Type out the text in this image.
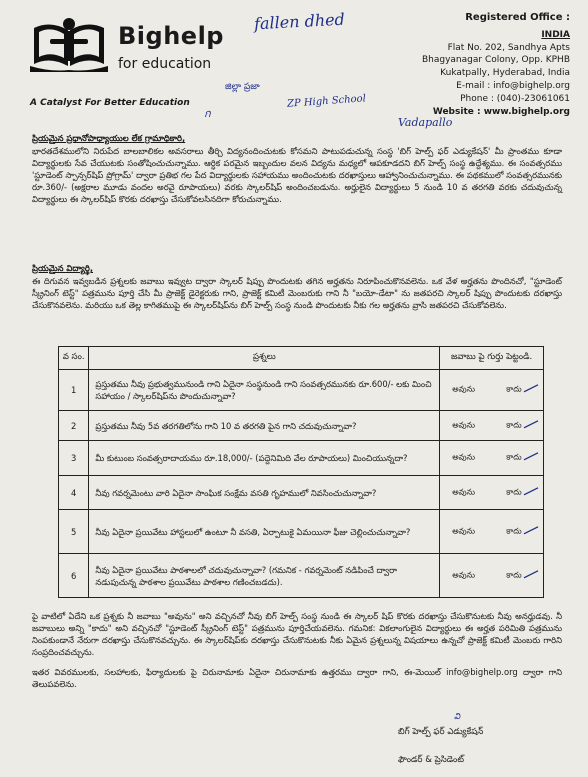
Bighelp
for education
A Catalyst For Better Education
fallen dhed
జిల్లా ప్రజా
ก
ZP High School
Vadapallo
Registered Office :
INDIA
Flat No. 202, Sandhya Apts
Bhagyanagar Colony, Opp. KPHB
Kukatpally, Hyderabad, India
E-mail : info@bighelp.org
Phone : (040)-23061061
Website : www.bighelp.org
ప్రియమైన ప్రధానోపాధ్యాయుల లేక గ్రామాధికారి,
భారతదేశములోని నిరుపేద బాలబాలికల అవసరాలు తీర్చి విద్యనందించుటకు కోసమని పాటుపడుచున్న సంస్థ 'బిగ్ హెల్ప్ ఫర్ ఎడ్యుకేషన్' మీ ప్రాంతము కూడా విద్యార్థులకు సేవ చేయుటకు సంతోషించుచున్నాము. ఆర్ధిక పరమైన ఇబ్బందుల వలన విద్యను మధ్యలో ఆపకూడదని బిగ్ హెల్ప్ సంస్థ ఉద్దేశ్యము. ఈ సంవత్సరము 'స్టూడెంట్ స్పాన్సర్‌షిప్ ప్రోగ్రామ్' ద్వారా ప్రతిభ గల పేద విద్యార్థులకు సహాయము అందించుటకు దరఖాస్తులు ఆహ్వానించుచున్నాము. ఈ పథకములో సంవత్సరమునకు రూ.360/- (అక్షరాల మూడు వందల అరవై రూపాయలు) వరకు స్కాలర్‌షిప్ అందించబడును. అర్హులైన విద్యార్థులు 5 నుండి 10 వ తరగతి వరకు చదువుచున్న విద్యార్థులు ఈ స్కాలర్‌షిప్ కొరకు దరఖాస్తు చేసుకోవలసినదిగా కోరుచున్నాము.
ప్రియమైన విద్యార్థి,
ఈ దిగువన ఇవ్వబడిన ప్రశ్నలకు జవాబు ఇవ్వుట ద్వారా స్కాలర్ షిప్పు పొందుటకు తగిన అర్హతను నిరూపించుకొనవలెను. ఒక వేళ అర్హతను పొందినచో, "స్టూడెంట్ స్క్రీనింగ్ టెస్ట్" పత్రమును పూర్తి చేసి మీ ప్రాజెక్ట్ డైరెక్టరుకు గాని, ప్రాజెక్ట్ కమిటీ మెంబరుకు గాని నీ "బయో-డేటా" ను జతపరచి స్కాలర్ షిప్పు పొందుటకు దరఖాస్తు చేసుకొనవలెను. మరియు ఒక తెల్ల కాగితముపై ఈ స్కాలర్‌షిప్‌ను బిగ్ హెల్ప్ సంస్థ నుండి పొందుటకు నీకు గల అర్హతను వ్రాసి జతపరచి చేసుకోవలెను.
వ సం.	ప్రశ్నలు	జవాబు పై గుర్తు పెట్టండి.
1	ప్రస్తుతము నీవు ప్రభుత్వమునుండి గాని ఏదైనా సంస్థనుండి గాని సంవత్సరమునకు రూ.600/- లకు మించి సహాయం / స్కాలర్‌షిప్‌ను పొందుచున్నావా?	అవును కాదు

2	ప్రస్తుతము నీవు 5వ తరగతిలోను గాని 10 వ తరగతి పైన గాని చదువుచున్నావా?	అవును కాదు

3	మీ కుటుంబ సంవత్సరాదాయము రూ.18,000/- (పద్దెనిమిది వేల రూపాయలు) మించియున్నదా?	అవును కాదు

4	నీవు గవర్నమెంటు వారి ఏదైనా సాంఘిక సంక్షేమ వసతి గృహములో నివసించుచున్నావా?	అవును కాదు

5	నీవు ఏదైనా ప్రయివేటు హాస్టలులో ఉంటూ నీ వసతి, ఏర్పాటుకై ఏమయినా ఫీజు చెల్లించుచున్నావా?	అవును కాదు

6	నీవు ఏదైనా ప్రయివేటు పాఠశాలలో చదువుచున్నావా? (గమనిక - గవర్నమెంట్ నడిపించే ద్వారా నడుపుచున్న పాఠశాల ప్రయివేటు పాఠశాల గణించబడదు).	అవును కాదు
పై వాటిలో ఏదేని ఒక ప్రశ్నకు నీ జవాబు "అవును" అని వచ్చినచో నీవు బిగ్ హెల్ప్ సంస్థ నుండి ఈ స్కాలర్ షిప్ కొరకు దరఖాస్తు చేసుకొనుటకు నీవు అనర్హుడవు. నీ జవాబులు అన్ని "కాదు" అని వచ్చినచో "స్టూడెంట్ స్క్రీనింగ్ టెస్ట్" పత్రమును పూర్తిచేయవలెను. గమనిక: వికలాంగులైన విద్యార్థులు ఈ అర్హత పరిమితి పత్రమును నింపకుండానే నేరుగా దరఖాస్తు చేసుకొనవచ్చును. ఈ స్కాలర్‌షిప్‌కు దరఖాస్తు చేసుకొనుటకు నీకు ఏమైన ప్రశ్నలున్న విషయాలు ఉన్నచో ప్రాజెక్ట్ కమిటీ మెంబరు గారిని సంప్రదించవచ్చును.
ఇతర వివరములకు, సలహాలకు, ఫిర్యాదులకు పై చిరునామాకు ఏదైనా చిరునామాకు ఉత్తరము ద్వారా గాని, ఈ-మెయిల్ info@bighelp.org ద్వారా గాని తెలుపవలెను.
వి
బిగ్ హెల్ప్ ఫర్ ఎడ్యుకేషన్
ఫౌండర్ & ప్రెసిడెంట్
